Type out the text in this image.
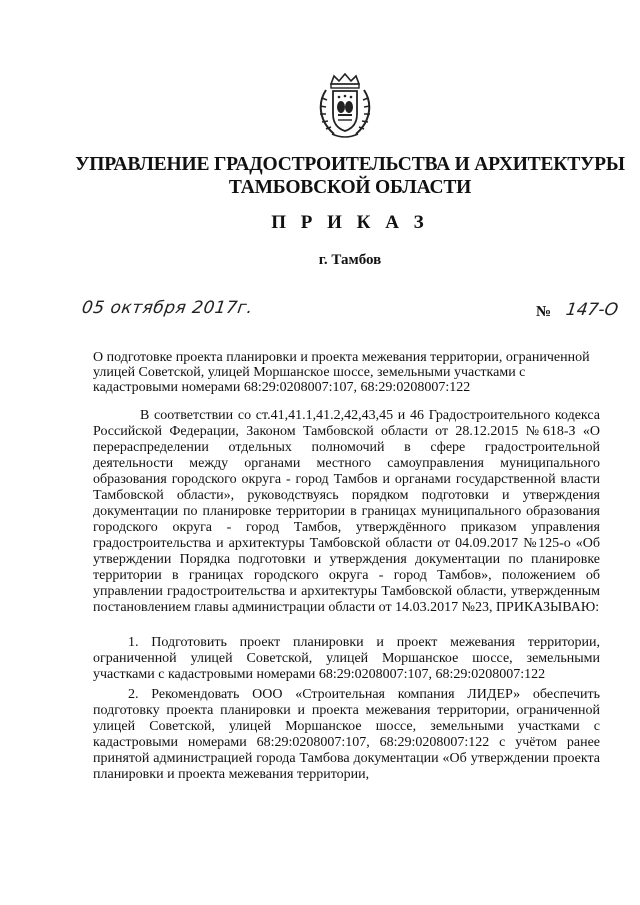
УПРАВЛЕНИЕ ГРАДОСТРОИТЕЛЬСТВА И АРХИТЕКТУРЫ
ТАМБОВСКОЙ ОБЛАСТИ
П Р И К А З
г. Тамбов
05 октября 2017г.	№ 147-О
О подготовке проекта планировки и проекта межевания территории, ограниченной улицей Советской, улицей Моршанское шоссе, земельными участками с кадастровыми номерами 68:29:0208007:107, 68:29:0208007:122

В соответствии со ст.41,41.1,41.2,42,43,45 и 46 Градостроительного кодекса Российской Федерации, Законом Тамбовской области от 28.12.2015 №618-З «О перераспределении отдельных полномочий в сфере градостроительной деятельности между органами местного самоуправления муниципального образования городского округа - город Тамбов и органами государственной власти Тамбовской области», руководствуясь порядком подготовки и утверждения документации по планировке территории в границах муниципального образования городского округа - город Тамбов, утверждённого приказом управления градостроительства и архитектуры Тамбовской области от 04.09.2017 №125-о «Об утверждении Порядка подготовки и утверждения документации по планировке территории в границах городского округа - город Тамбов», положением об управлении градостроительства и архитектуры Тамбовской области, утвержденным постановлением главы администрации области от 14.03.2017 №23, ПРИКАЗЫВАЮ:

1. Подготовить проект планировки и проект межевания территории, ограниченной улицей Советской, улицей Моршанское шоссе, земельными участками с кадастровыми номерами 68:29:0208007:107, 68:29:0208007:122

2. Рекомендовать ООО «Строительная компания ЛИДЕР» обеспечить подготовку проекта планировки и проекта межевания территории, ограниченной улицей Советской, улицей Моршанское шоссе, земельными участками с кадастровыми номерами 68:29:0208007:107, 68:29:0208007:122 с учётом ранее принятой администрацией города Тамбова документации «Об утверждении проекта планировки и проекта межевания территории,
